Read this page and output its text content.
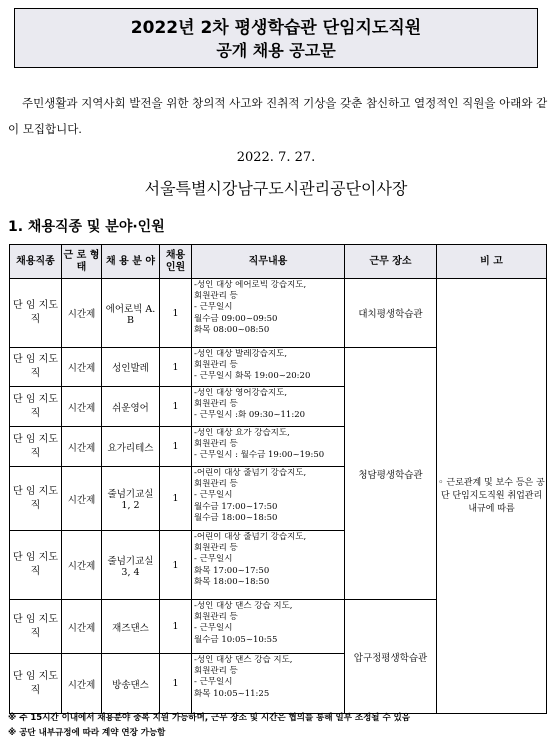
2022년 2차 평생학습관 단임지도직원
공개 채용 공고문
주민생활과 지역사회 발전을 위한 창의적 사고와 진취적 기상을 갖춘 참신하고 열정적인 직원을 아래와 같이 모집합니다.
2022. 7. 27.
서울특별시강남구도시관리공단이사장
1. 채용직종 및 분야·인원
채용직종	근 로 형 태	채 용 분 야	채용 인원	직무내용	근무 장소	비 고
단 임 지도직	시간제	에어로빅 A. B	1	-성인 대상 에어로빅 강습지도,
회원관리 등
- 근무일시
월수금 09:00~09:50
화목 08:00~08:50	대치평생학습관	◦ 근로관계 및 보수 등은 공단 단임지도직원 취업관리내규에 따름
단 임 지도직	시간제	성인발레	1	-성인 대상 발레강습지도,
회원관리 등
- 근무일시 화목 19:00~20:20	청담평생학습관	
단 임 지도직	시간제	쉬운영어	1	-성인 대상 영어강습지도,
회원관리 등
- 근무일시 :화 09:30~11:20		

단 임 지도직	시간제	요가리테스	1	-성인 대상 요가 강습지도,
회원관리 등
- 근무일시 : 월수금 19:00~19:50		

단 임 지도직	시간제	줄넘기교실 1, 2	1	-어린이 대상 줄넘기 강습지도,
회원관리 등
- 근무일시
월수금 17:00~17:50
월수금 18:00~18:50		

단 임 지도직	시간제	줄넘기교실 3, 4	1	-어린이 대상 줄넘기 강습지도,
회원관리 등
- 근무일시
화목 17:00~17:50
화목 18:00~18:50		

단 임 지도직	시간제	재즈댄스	1	-성인 대상 댄스 강습 지도,
회원관리 등
- 근무일시
월수금 10:05~10:55	압구정평생학습관	
단 임 지도직	시간제	방송댄스	1	-성인 대상 댄스 강습 지도,
회원관리 등
- 근무일시
화목 10:05~11:25		
※ 주 15시간 이내에서 채용분야 중복 지원 가능하며, 근무 장소 및 시간은 협의를 통해 일부 조정될 수 있음
※ 공단 내부규정에 따라 계약 연장 가능함
